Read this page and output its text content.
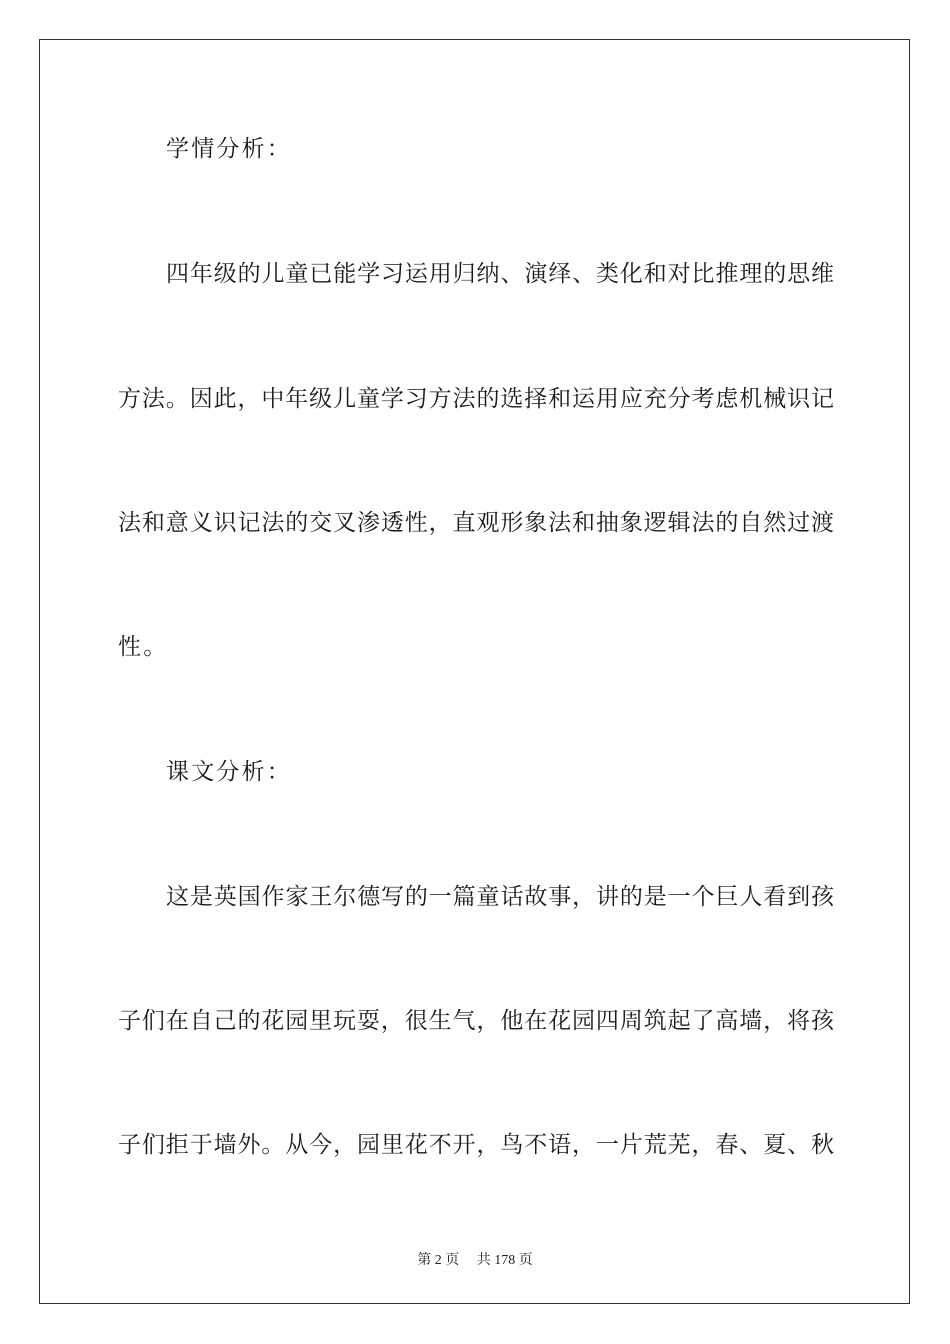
学情分析：
四年级的儿童已能学习运用归纳、演绎、类化和对比推理的思维
方法。因此，中年级儿童学习方法的选择和运用应充分考虑机械识记
法和意义识记法的交叉渗透性，直观形象法和抽象逻辑法的自然过渡
性。
课文分析：
这是英国作家王尔德写的一篇童话故事，讲的是一个巨人看到孩
子们在自己的花园里玩耍，很生气，他在花园四周筑起了高墙，将孩
子们拒于墙外。从今，园里花不开，鸟不语，一片荒芜，春、夏、秋
第 2 页 共 178 页
